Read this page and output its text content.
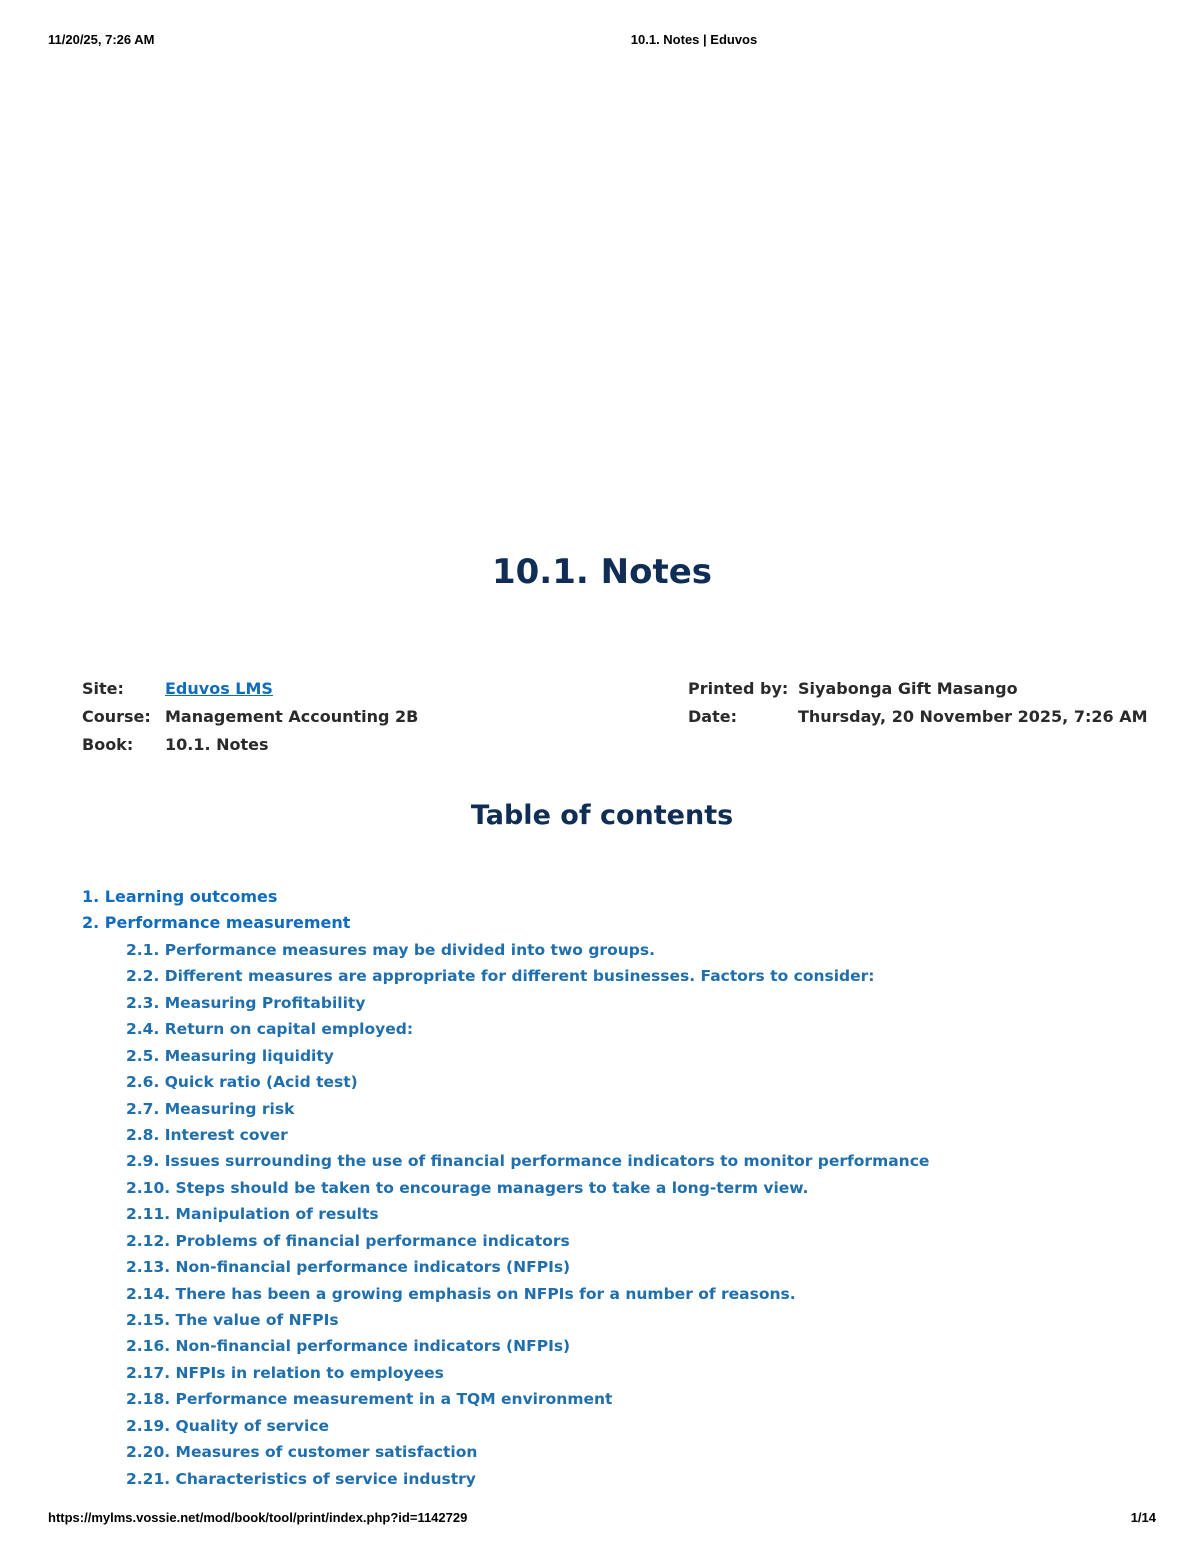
11/20/25, 7:26 AM	10.1. Notes | Eduvos
10.1. Notes
Site:	Eduvos LMS
Course: Management Accounting 2B
Book: 10.1. Notes
Printed by: Siyabonga Gift Masango
Date:	Thursday, 20 November 2025, 7:26 AM
Table of contents
1. Learning outcomes
2. Performance measurement
2.1. Performance measures may be divided into two groups.
2.2. Different measures are appropriate for different businesses. Factors to consider:
2.3. Measuring Profitability
2.4. Return on capital employed:
2.5. Measuring liquidity
2.6. Quick ratio (Acid test)
2.7. Measuring risk
2.8. Interest cover
2.9. Issues surrounding the use of financial performance indicators to monitor performance
2.10. Steps should be taken to encourage managers to take a long-term view.
2.11. Manipulation of results
2.12. Problems of financial performance indicators
2.13. Non-financial performance indicators (NFPIs)
2.14. There has been a growing emphasis on NFPIs for a number of reasons.
2.15. The value of NFPIs
2.16. Non-financial performance indicators (NFPIs)
2.17. NFPIs in relation to employees
2.18. Performance measurement in a TQM environment
2.19. Quality of service
2.20. Measures of customer satisfaction
2.21. Characteristics of service industry
https://mylms.vossie.net/mod/book/tool/print/index.php?id=1142729	1/14
